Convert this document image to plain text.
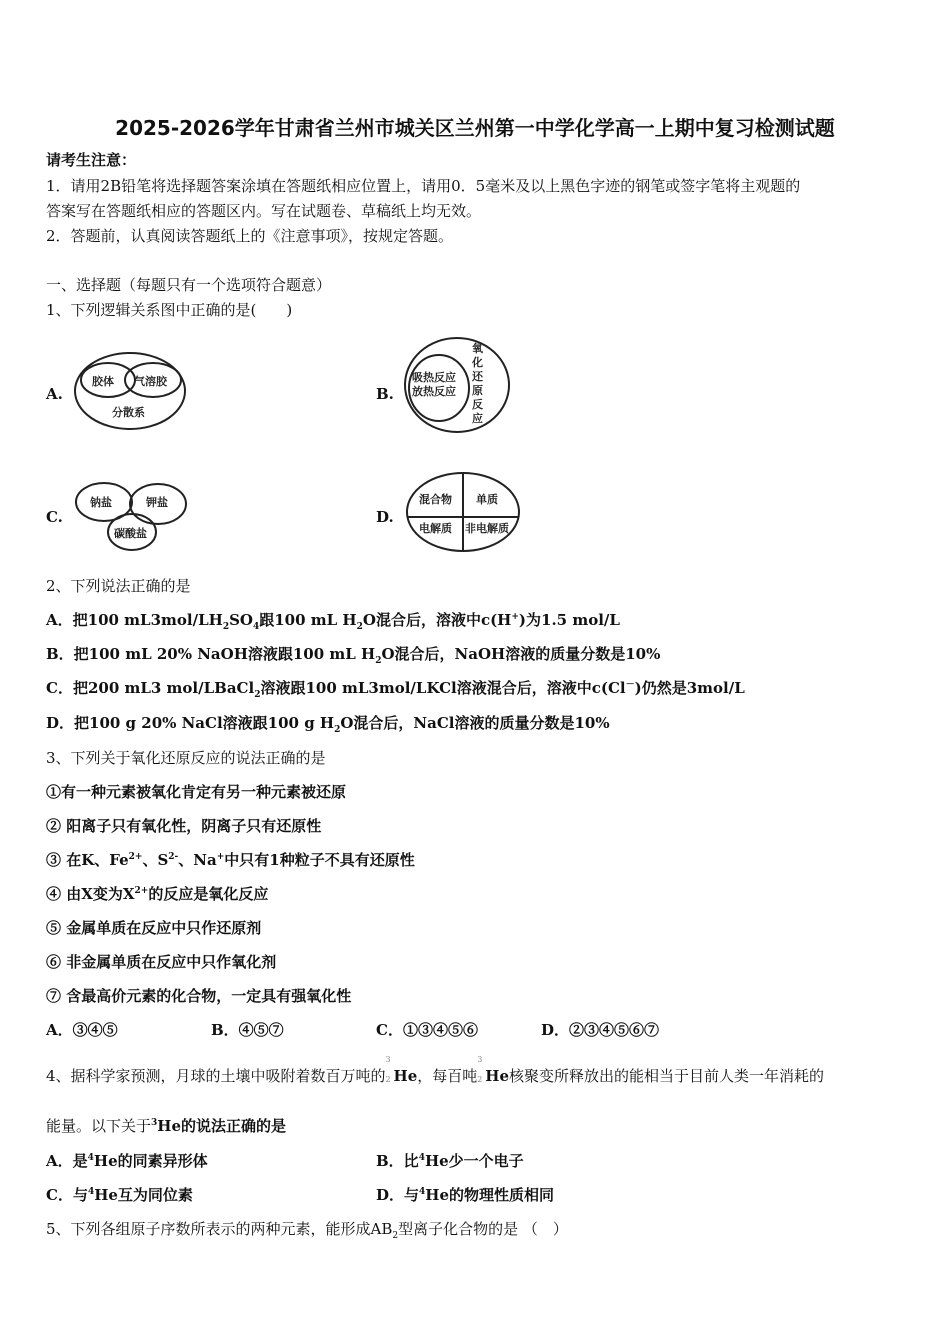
2025-2026学年甘肃省兰州市城关区兰州第一中学化学高一上期中复习检测试题
请考生注意：
1．请用2B铅笔将选择题答案涂填在答题纸相应位置上，请用0．5毫米及以上黑色字迹的钢笔或签字笔将主观题的
答案写在答题纸相应的答题区内。写在试题卷、草稿纸上均无效。
2．答题前，认真阅读答题纸上的《注意事项》，按规定答题。
一、选择题（每题只有一个选项符合题意）
1、下列逻辑关系图中正确的是(　　)
A.
胶体 气溶胶
分散系
B.
吸热反应
放热反应
氧
化
还
原
反
应
C.
钠盐	钾盐
碳酸盐
D.
混合物 单质
电解质 非电解质
2、下列说法正确的是
A．把100 $mL3mol/LH_2SO_4$跟100 mL $H_2O$混合后，溶液中c(H+)为1.5 mol/L
B．把100 mL 20% NaOH溶液跟100 mL $H_2O$混合后，NaOH溶液的质量分数是10%
C．把200 mL3 mol/LBaCl$_2$溶液跟100 mL3mol/LKCl溶液混合后，溶液中c(Cl－)仍然是3mol/L
D．把100 g 20% NaCl溶液跟100 g $H_2O$混合后，NaCl溶液的质量分数是10%
3、下列关于氧化还原反应的说法正确的是
①有一种元素被氧化肯定有另一种元素被还原
② 阳离子只有氧化性，阴离子只有还原性
③ 在K、$Fe^{2+}$、$S^{2-}$、Na+中只有1种粒子不具有还原性
④ 由X变为$X^{2+}$的反应是氧化反应
⑤ 金属单质在反应中只作还原剂
⑥ 非金属单质在反应中只作氧化剂
⑦ 含最高价元素的化合物，一定具有强氧化性
A．③④⑤	B．④⑤⑦	C．①③④⑤⑥	D．②③④⑤⑥⑦
4、据科学家预测，月球的土壤中吸附着数百万吨的
3
2 He，每百吨
3
2 He核聚变所释放出的能相当于目前人类一年消耗的
能量。以下关于$^3$He的说法正确的是
A．是$^4$He的同素异形体	B．比$^4$He少一个电子
C．与$^4$He互为同位素	D．与$^4$He的物理性质相同
5、下列各组原子序数所表示的两种元素，能形成$AB_2$型离子化合物的是 （　）
